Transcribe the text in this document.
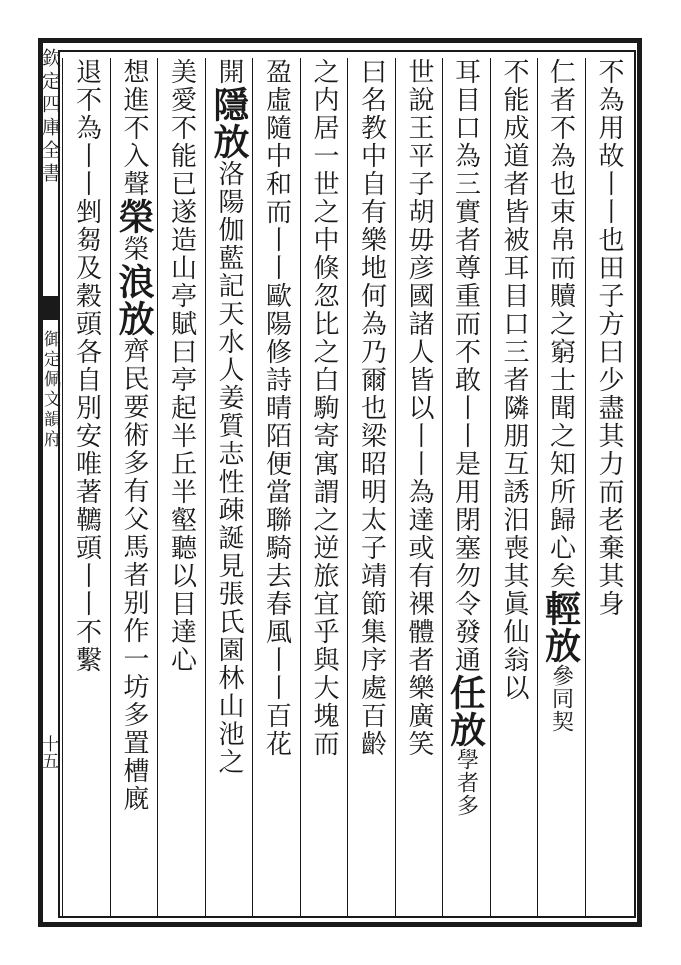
欽定四庫全書
御定佩文韻府
十五
不為用故丨丨也田子方曰少盡其力而老棄其身
仁者不為也束帛而贖之窮士聞之知所歸心矣輕放參同契
不能成道者皆被耳目口三者隣朋互誘汨喪其眞仙翁以
耳目口為三實者尊重而不敢丨丨是用閉塞勿令發通任放學者多
世說王平子胡毋彦國諸人皆以丨丨為達或有裸體者樂廣笑
曰名教中自有樂地何為乃爾也梁昭明太子靖節集序處百齡
之内居一世之中倏忽比之白駒寄寓謂之逆旅宜乎與大塊而
盈虛隨中和而丨丨歐陽修詩晴陌便當聯騎去春風丨丨百花
開隱放洛陽伽藍記天水人姜質志性疎誕見張氏園林山池之
美愛不能已遂造山亭賦曰亭起半丘半壑聽以目達心
想進不入聲榮榮浪放齊民要術多有父馬者别作一坊多置槽廐
退不為丨丨剉芻及穀頭各自別安唯著韀頭丨丨不繫
